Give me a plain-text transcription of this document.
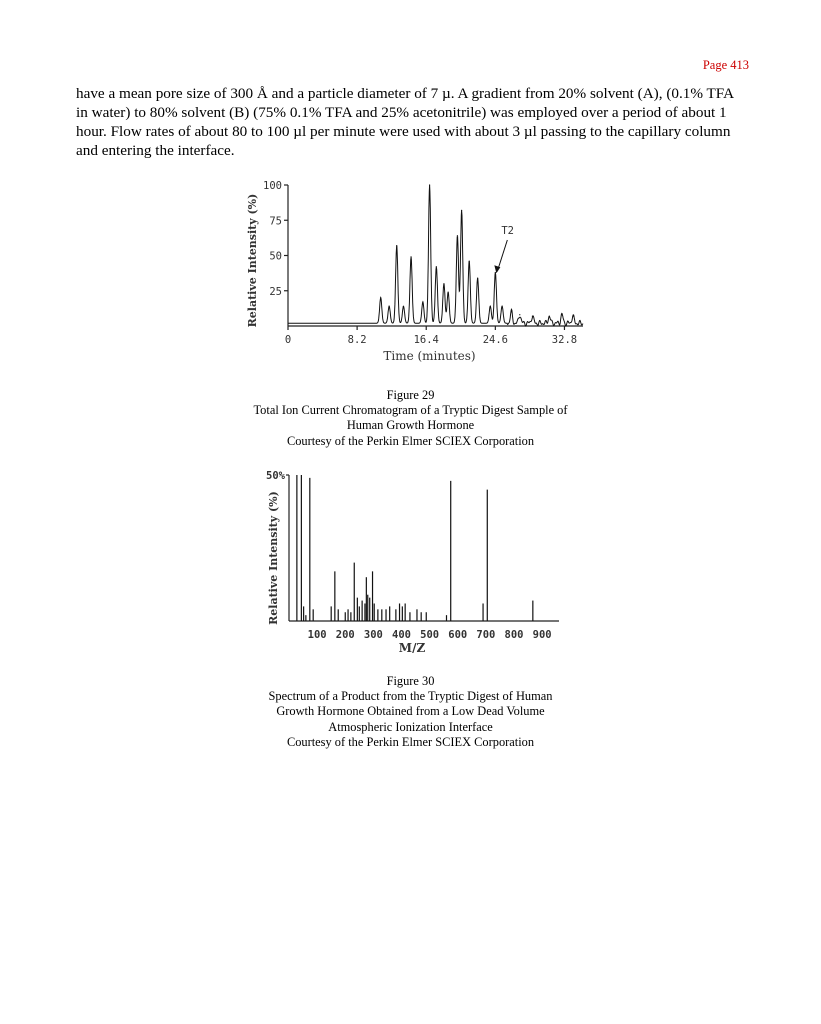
Page 413

have a mean pore size of 300 Å and a particle diameter of 7 µ. A gradient from 20% solvent (A), (0.1% TFA in water) to 80% solvent (B) (75% 0.1% TFA and 25% acetonitrile) was employed over a period of about 1 hour. Flow rates of about 80 to 100 µl per minute were used with about 3 µl passing to the capillary column and entering the interface.

100
75
50
25
0	8.2	16.4	24.6	32.8
Time (minutes)
Relative Intensity (%)	T2
Figure 29
Total Ion Current Chromatogram of a Tryptic Digest Sample of
Human Growth Hormone
Courtesy of the Perkin Elmer SCIEX Corporation
50%
100 200 300 400 500 600 700 800 900
M/Z
Relative Intensity (%)
Figure 30
Spectrum of a Product from the Tryptic Digest of Human
Growth Hormone Obtained from a Low Dead Volume
Atmospheric Ionization Interface
Courtesy of the Perkin Elmer SCIEX Corporation
